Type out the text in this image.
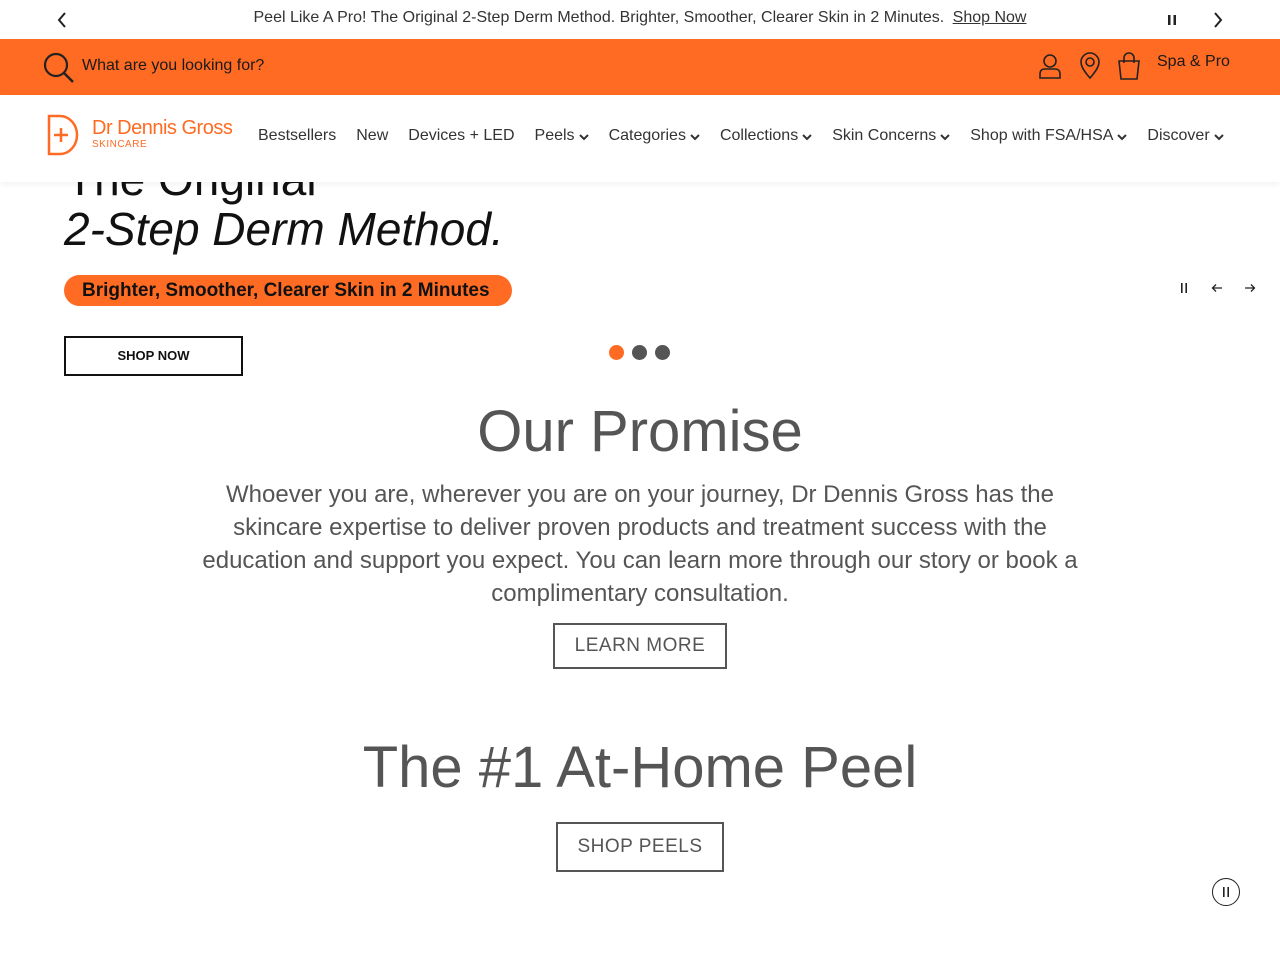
Peel Like A Pro! The Original 2-Step Derm Method. Brighter, Smoother, Clearer Skin in 2 Minutes. Shop Now
What are you looking for?
Spa & Pro
Dr Dennis Gross
SKINCARE
Bestsellers New Devices + LED Peels Categories Collections Skin Concerns Shop with FSA/HSA Discover
2-Step Derm Method.
Brighter, Smoother, Clearer Skin in 2 Minutes
SHOP NOW
Our Promise
Whoever you are, wherever you are on your journey, Dr Dennis Gross has the skincare expertise to deliver proven products and treatment success with the education and support you expect. You can learn more through our story or book a complimentary consultation.
LEARN MORE
The #1 At-Home Peel
SHOP PEELS
